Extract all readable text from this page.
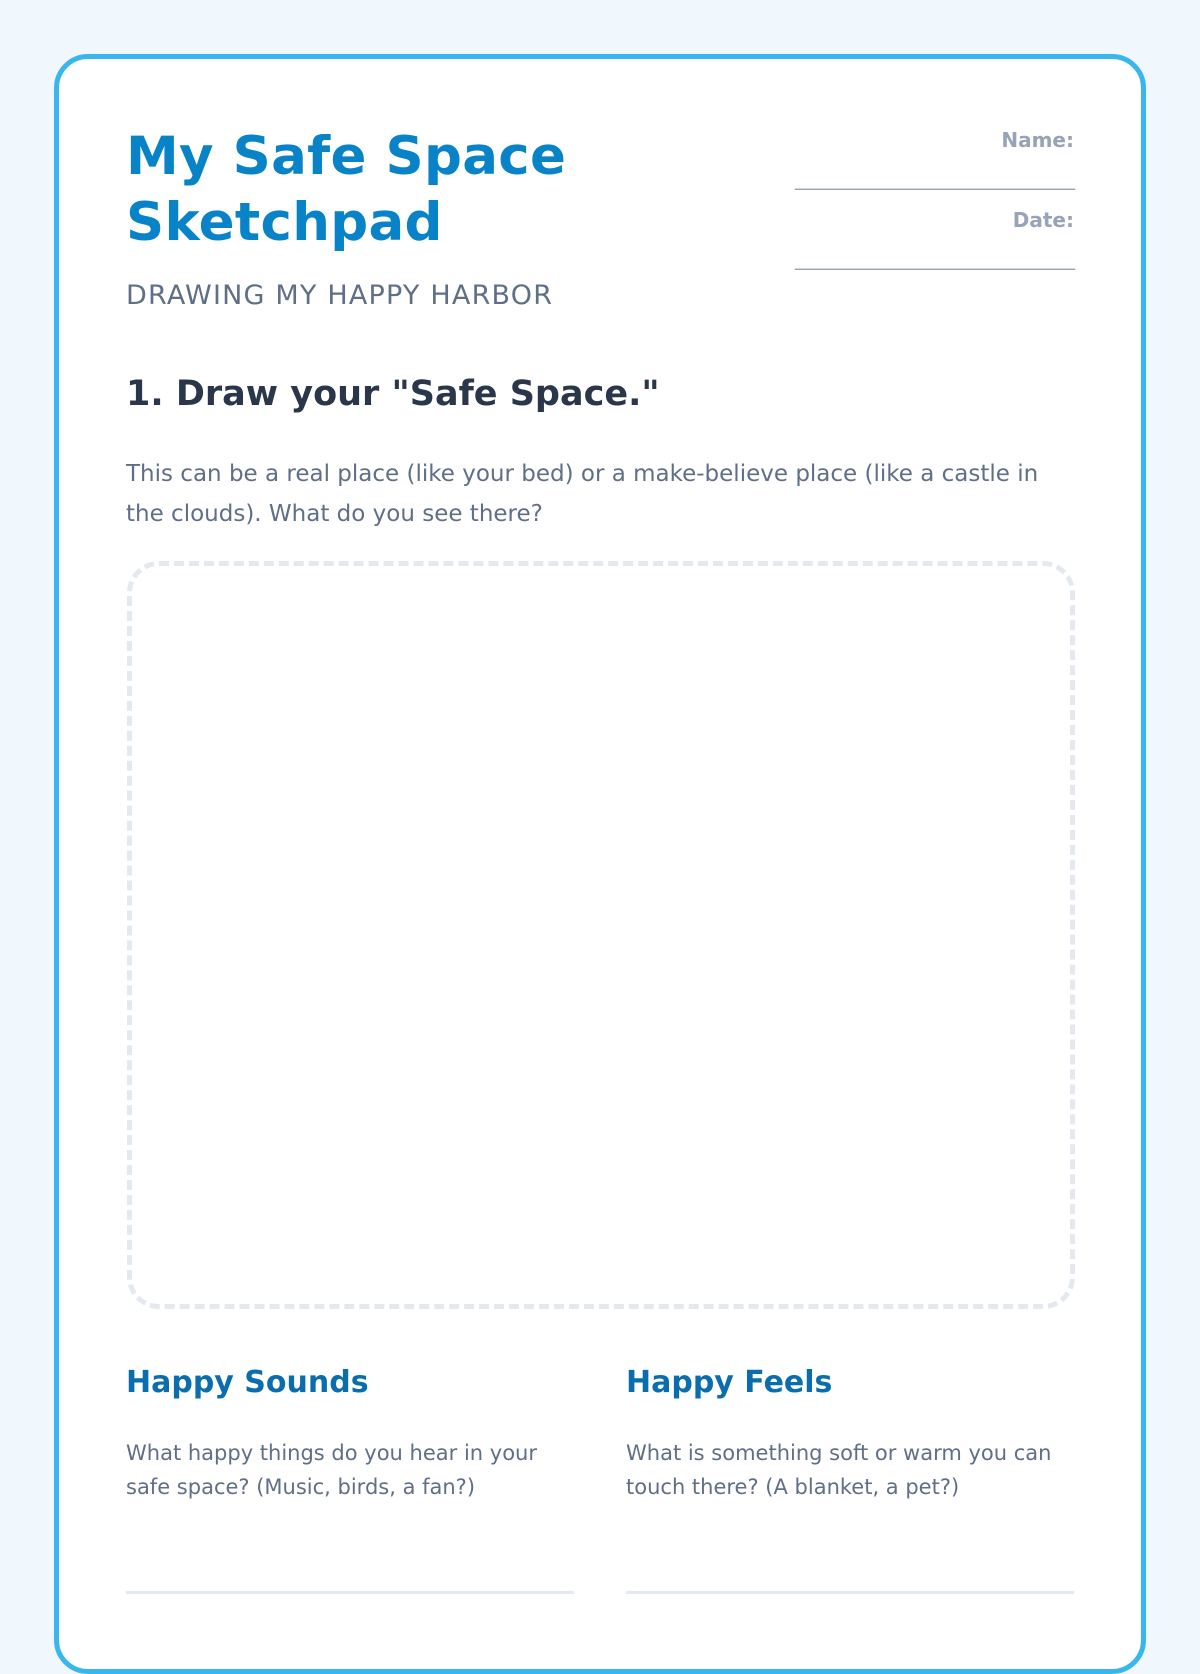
My Safe Space
Sketchpad
DRAWING MY HAPPY HARBOR
Name:
_______________________________
Date:
_______________________________
1. Draw your "Safe Space."

This can be a real place (like your bed) or a make-believe place (like a castle in the clouds). What do you see there?

Happy Sounds

What happy things do you hear in your safe space? (Music, birds, a fan?)

Happy Feels

What is something soft or warm you can touch there? (A blanket, a pet?)
